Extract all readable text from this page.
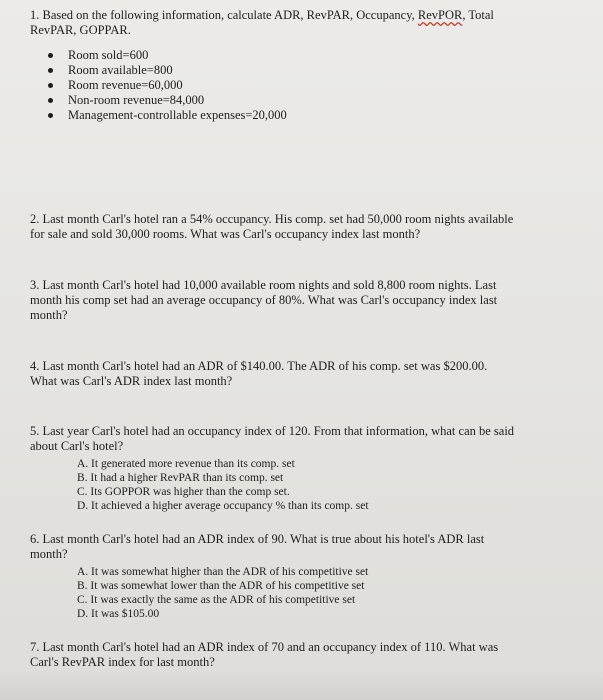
1. Based on the following information, calculate ADR, RevPAR, Occupancy, RevPOR, Total

RevPAR, GOPPAR.

Room sold=600
Room available=800
Room revenue=60,000
Non-room revenue=84,000
Management-controllable expenses=20,000

2. Last month Carl's hotel ran a 54% occupancy. His comp. set had 50,000 room nights available

for sale and sold 30,000 rooms. What was Carl's occupancy index last month?

3. Last month Carl's hotel had 10,000 available room nights and sold 8,800 room nights. Last

month his comp set had an average occupancy of 80%. What was Carl's occupancy index last

month?

4. Last month Carl's hotel had an ADR of $140.00. The ADR of his comp. set was $200.00.

What was Carl's ADR index last month?

5. Last year Carl's hotel had an occupancy index of 120. From that information, what can be said

about Carl's hotel?

A. It generated more revenue than its comp. set
B. It had a higher RevPAR than its comp. set
C. Its GOPPOR was higher than the comp set.
D. It achieved a higher average occupancy % than its comp. set

6. Last month Carl's hotel had an ADR index of 90. What is true about his hotel's ADR last

month?

A. It was somewhat higher than the ADR of his competitive set
B. It was somewhat lower than the ADR of his competitive set
C. It was exactly the same as the ADR of his competitive set
D. It was $105.00

7. Last month Carl's hotel had an ADR index of 70 and an occupancy index of 110. What was

Carl's RevPAR index for last month?
